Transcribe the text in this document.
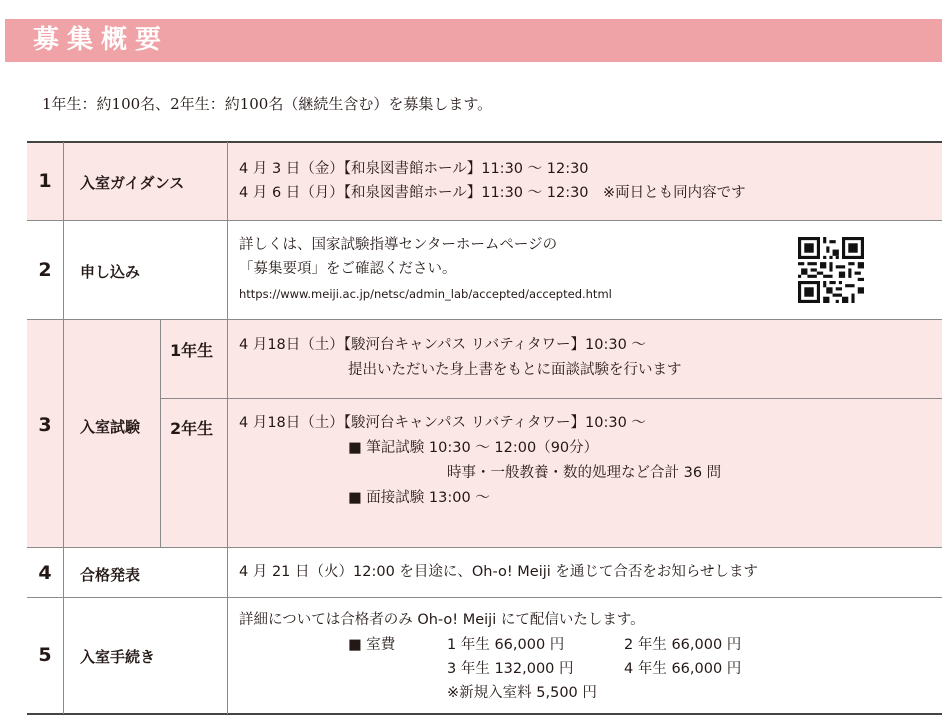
募集概要
1年生：約100名、2年生：約100名（継続生含む）を募集します。
1	入室ガイダンス
4 月 3 日（金）【和泉図書館ホール】11:30 〜 12:30
4 月 6 日（月）【和泉図書館ホール】11:30 〜 12:30　※両日とも同内容です
2	申し込み
詳しくは、国家試験指導センターホームページの
「募集要項」をご確認ください。
https://www.meiji.ac.jp/netsc/admin_lab/accepted/accepted.html
3	入室試験
1年生 4 月18日（土）【駿河台キャンパス リバティタワー】10:30 〜
提出いただいた身上書をもとに面談試験を行います
2年生 4 月18日（土）【駿河台キャンパス リバティタワー】10:30 〜
■ 筆記試験 10:30 〜 12:00（90分）
時事・一般教養・数的処理など合計 36 問
■ 面接試験 13:00 〜
4	合格発表	4 月 21 日（火）12:00 を目途に、Oh-o! Meiji を通じて合否をお知らせします
5	入室手続き
詳細については合格者のみ Oh-o! Meiji にて配信いたします。
■ 室費	1 年生 66,000 円	2 年生 66,000 円
3 年生 132,000 円	4 年生 66,000 円
※新規入室料 5,500 円
